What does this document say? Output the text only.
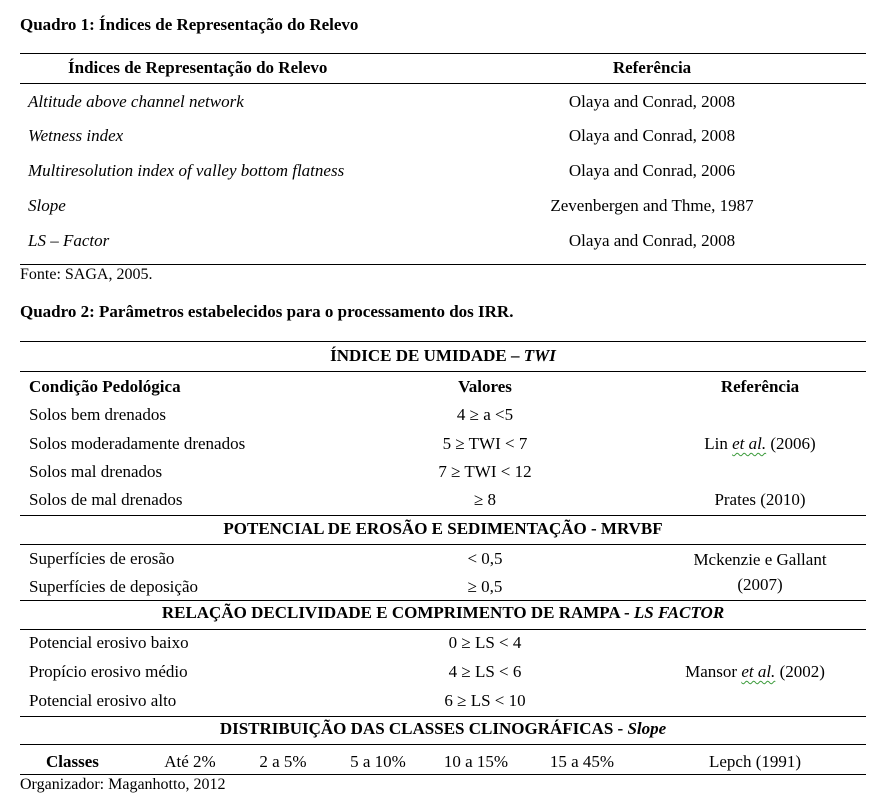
Quadro 1: Índices de Representação do Relevo
Índices de Representação do Relevo	Referência
Altitude above channel network	Olaya and Conrad, 2008
Wetness index	Olaya and Conrad, 2008
Multiresolution index of valley bottom flatness	Olaya and Conrad, 2006
Slope	Zevenbergen and Thme, 1987
LS – Factor	Olaya and Conrad, 2008
Fonte: SAGA, 2005.
Quadro 2: Parâmetros estabelecidos para o processamento dos IRR.
ÍNDICE DE UMIDADE – TWI
Condição Pedológica	Valores	Referência
Solos bem drenados	4 ≥ a <5
Solos moderadamente drenados	5 ≥ TWI < 7	Lin et al. (2006)
Solos mal drenados	7 ≥ TWI < 12
Solos de mal drenados	≥ 8	Prates (2010)
POTENCIAL DE EROSÃO E SEDIMENTAÇÃO - MRVBF
Superfícies de erosão	< 0,5	Mckenzie e Gallant
Superfícies de deposição	≥ 0,5	(2007)
RELAÇÃO DECLIVIDADE E COMPRIMENTO DE RAMPA - LS FACTOR
Potencial erosivo baixo	0 ≥ LS < 4
Propício erosivo médio	4 ≥ LS < 6	Mansor et al. (2002)
Potencial erosivo alto	6 ≥ LS < 10
DISTRIBUIÇÃO DAS CLASSES CLINOGRÁFICAS - Slope
Classes	Até 2%	2 a 5%	5 a 10%	10 a 15%	15 a 45%	Lepch (1991)
Organizador: Maganhotto, 2012
